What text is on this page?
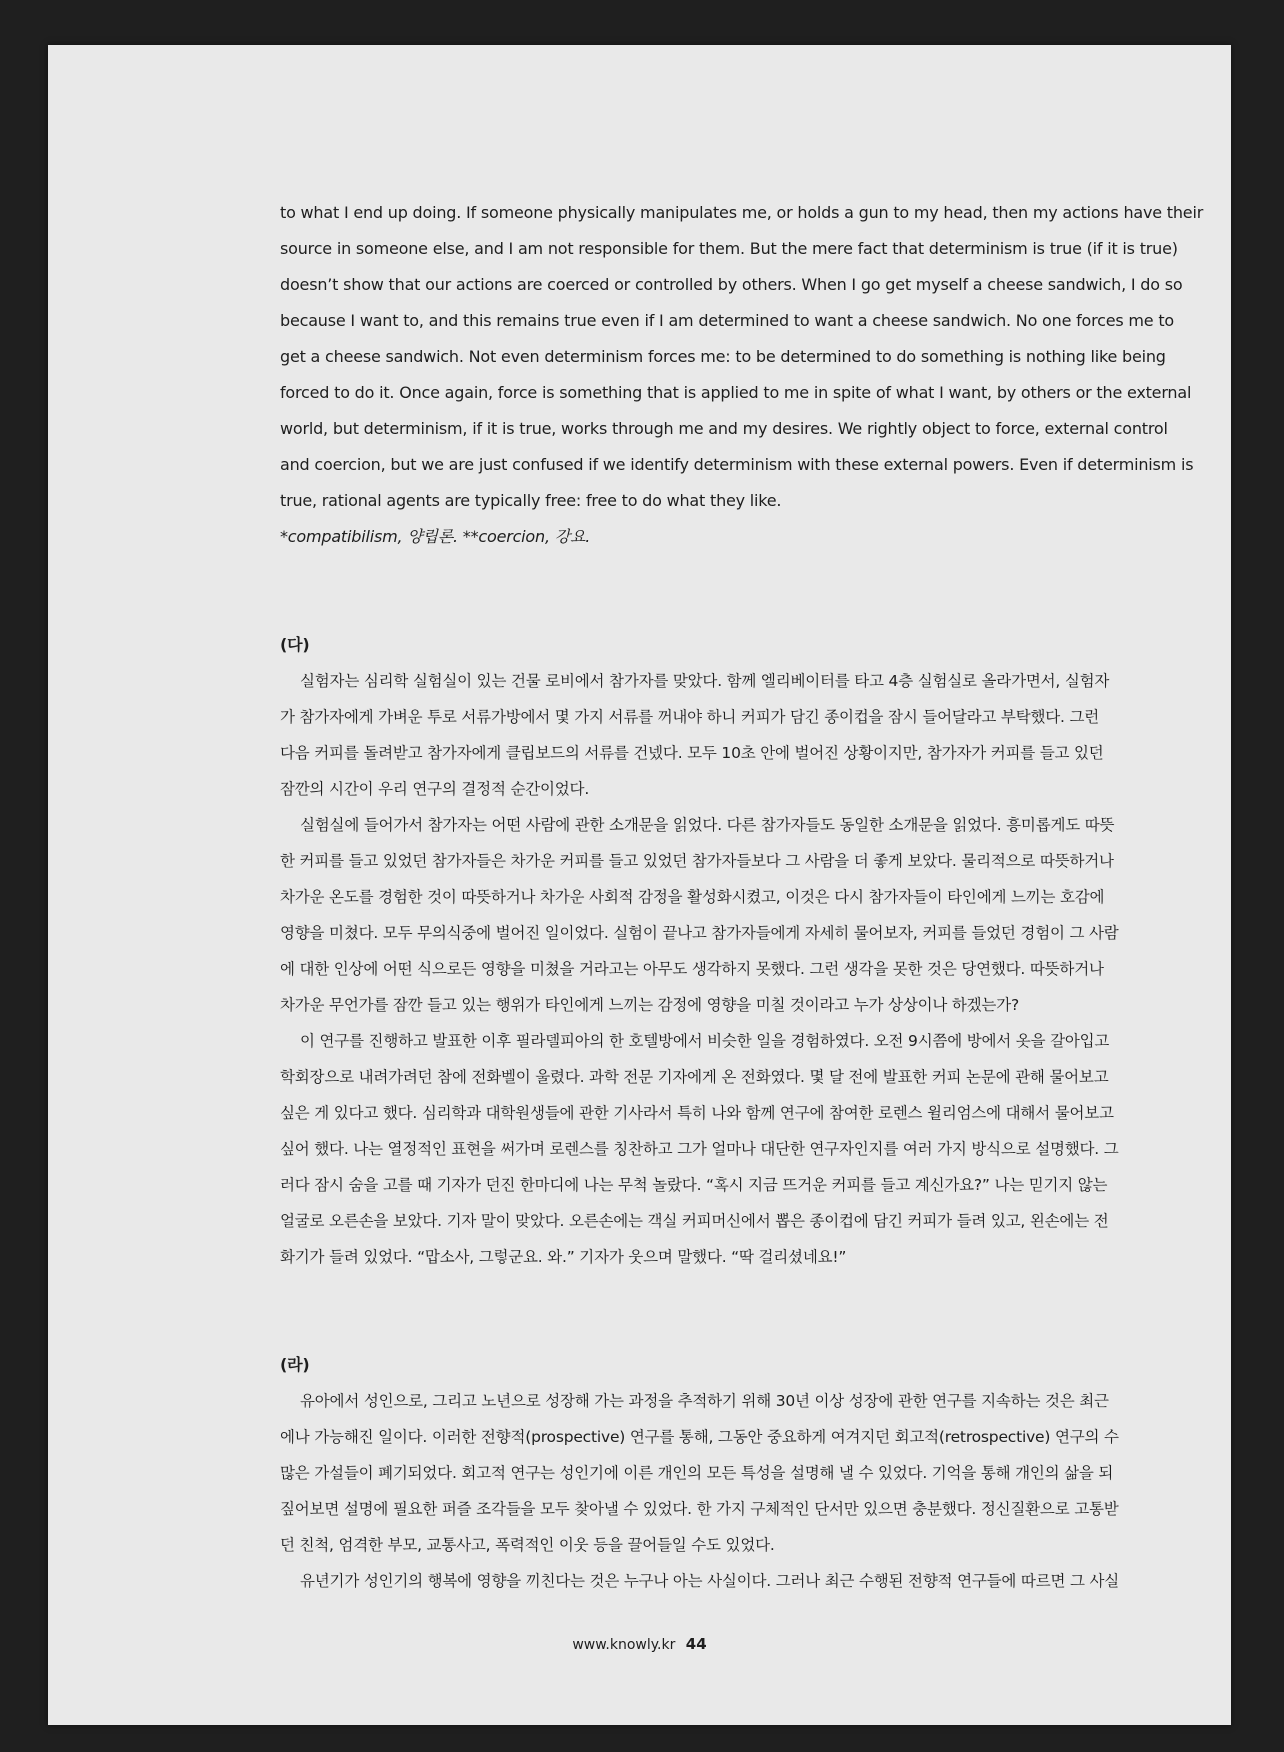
to what I end up doing. If someone physically manipulates me, or holds a gun to my head, then my actions have their

source in someone else, and I am not responsible for them. But the mere fact that determinism is true (if it is true)

doesn’t show that our actions are coerced or controlled by others. When I go get myself a cheese sandwich, I do so

because I want to, and this remains true even if I am determined to want a cheese sandwich. No one forces me to

get a cheese sandwich. Not even determinism forces me: to be determined to do something is nothing like being

forced to do it. Once again, force is something that is applied to me in spite of what I want, by others or the external

world, but determinism, if it is true, works through me and my desires. We rightly object to force, external control

and coercion, but we are just confused if we identify determinism with these external powers. Even if determinism is

true, rational agents are typically free: free to do what they like.

*compatibilism, 양립론. **coercion, 강요.

(다)

실험자는 심리학 실험실이 있는 건물 로비에서 참가자를 맞았다. 함께 엘리베이터를 타고 4층 실험실로 올라가면서, 실험자

가 참가자에게 가벼운 투로 서류가방에서 몇 가지 서류를 꺼내야 하니 커피가 담긴 종이컵을 잠시 들어달라고 부탁했다. 그런

다음 커피를 돌려받고 참가자에게 클립보드의 서류를 건넸다. 모두 10초 안에 벌어진 상황이지만, 참가자가 커피를 들고 있던

잠깐의 시간이 우리 연구의 결정적 순간이었다.

실험실에 들어가서 참가자는 어떤 사람에 관한 소개문을 읽었다. 다른 참가자들도 동일한 소개문을 읽었다. 흥미롭게도 따뜻

한 커피를 들고 있었던 참가자들은 차가운 커피를 들고 있었던 참가자들보다 그 사람을 더 좋게 보았다. 물리적으로 따뜻하거나

차가운 온도를 경험한 것이 따뜻하거나 차가운 사회적 감정을 활성화시켰고, 이것은 다시 참가자들이 타인에게 느끼는 호감에

영향을 미쳤다. 모두 무의식중에 벌어진 일이었다. 실험이 끝나고 참가자들에게 자세히 물어보자, 커피를 들었던 경험이 그 사람

에 대한 인상에 어떤 식으로든 영향을 미쳤을 거라고는 아무도 생각하지 못했다. 그런 생각을 못한 것은 당연했다. 따뜻하거나

차가운 무언가를 잠깐 들고 있는 행위가 타인에게 느끼는 감정에 영향을 미칠 것이라고 누가 상상이나 하겠는가?

이 연구를 진행하고 발표한 이후 필라델피아의 한 호텔방에서 비슷한 일을 경험하였다. 오전 9시쯤에 방에서 옷을 갈아입고

학회장으로 내려가려던 참에 전화벨이 울렸다. 과학 전문 기자에게 온 전화였다. 몇 달 전에 발표한 커피 논문에 관해 물어보고

싶은 게 있다고 했다. 심리학과 대학원생들에 관한 기사라서 특히 나와 함께 연구에 참여한 로렌스 윌리엄스에 대해서 물어보고

싶어 했다. 나는 열정적인 표현을 써가며 로렌스를 칭찬하고 그가 얼마나 대단한 연구자인지를 여러 가지 방식으로 설명했다. 그

러다 잠시 숨을 고를 때 기자가 던진 한마디에 나는 무척 놀랐다. “혹시 지금 뜨거운 커피를 들고 계신가요?” 나는 믿기지 않는

얼굴로 오른손을 보았다. 기자 말이 맞았다. 오른손에는 객실 커피머신에서 뽑은 종이컵에 담긴 커피가 들려 있고, 왼손에는 전

화기가 들려 있었다. “맙소사, 그렇군요. 와.” 기자가 웃으며 말했다. “딱 걸리셨네요!”

(라)

유아에서 성인으로, 그리고 노년으로 성장해 가는 과정을 추적하기 위해 30년 이상 성장에 관한 연구를 지속하는 것은 최근

에나 가능해진 일이다. 이러한 전향적(prospective) 연구를 통해, 그동안 중요하게 여겨지던 회고적(retrospective) 연구의 수

많은 가설들이 폐기되었다. 회고적 연구는 성인기에 이른 개인의 모든 특성을 설명해 낼 수 있었다. 기억을 통해 개인의 삶을 되

짚어보면 설명에 필요한 퍼즐 조각들을 모두 찾아낼 수 있었다. 한 가지 구체적인 단서만 있으면 충분했다. 정신질환으로 고통받

던 친척, 엄격한 부모, 교통사고, 폭력적인 이웃 등을 끌어들일 수도 있었다.

유년기가 성인기의 행복에 영향을 끼친다는 것은 누구나 아는 사실이다. 그러나 최근 수행된 전향적 연구들에 따르면 그 사실

www.knowly.kr 44
